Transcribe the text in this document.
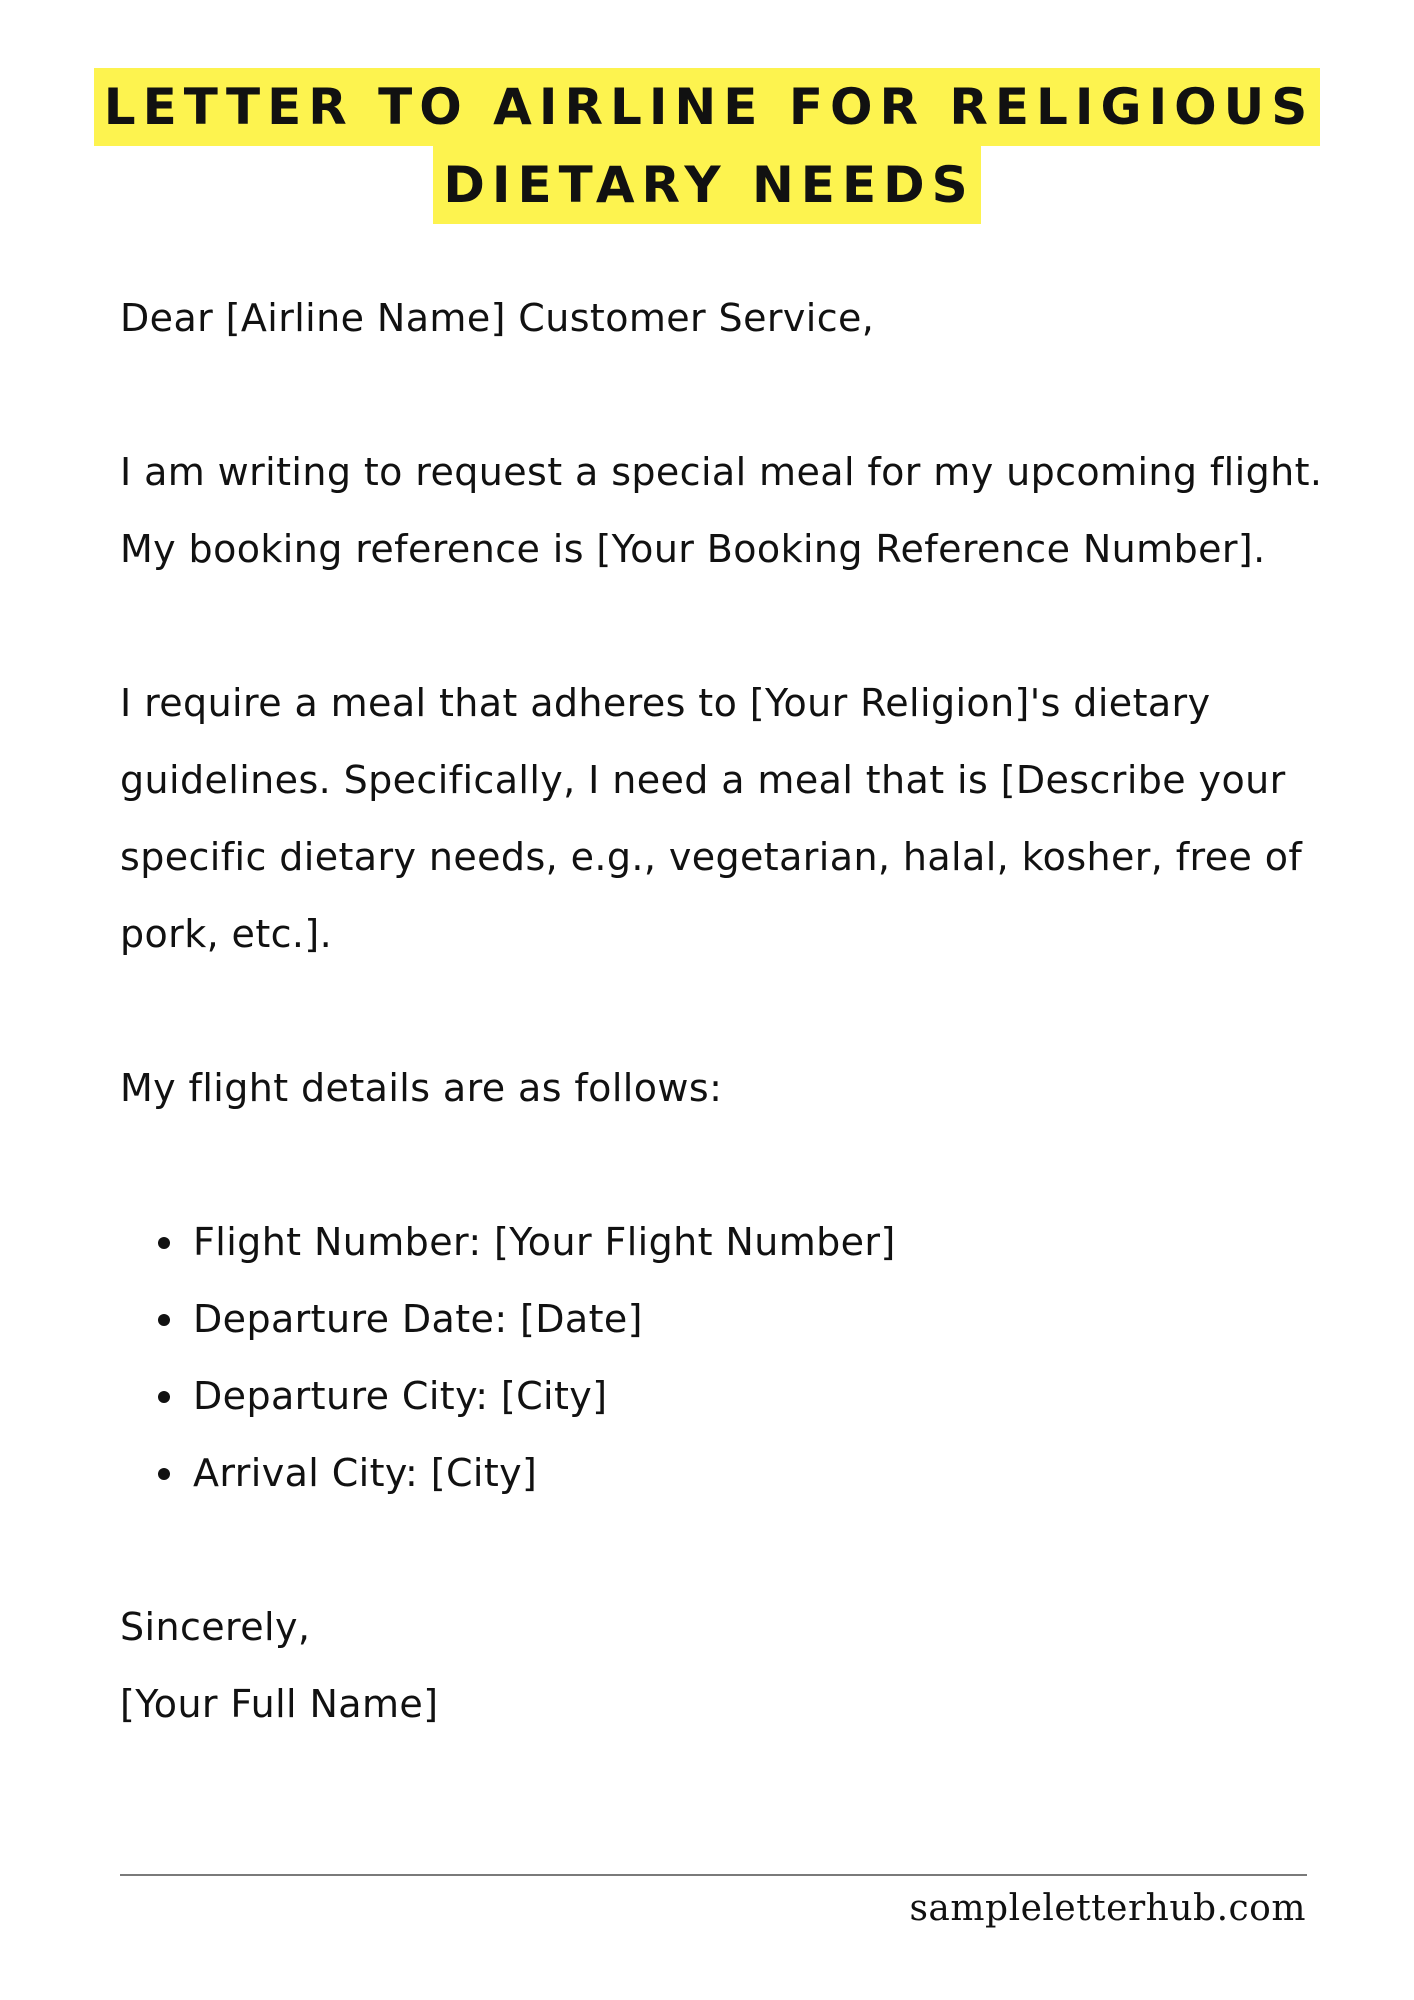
LETTER TO AIRLINE FOR RELIGIOUS
DIETARY NEEDS

Dear [Airline Name] Customer Service,

I am writing to request a special meal for my upcoming flight. My booking reference is [Your Booking Reference Number].

I require a meal that adheres to [Your Religion]'s dietary guidelines. Specifically, I need a meal that is [Describe your specific dietary needs, e.g., vegetarian, halal, kosher, free of pork, etc.].

My flight details are as follows:

Flight Number: [Your Flight Number]
Departure Date: [Date]
Departure City: [City]
Arrival City: [City]

Sincerely,

[Your Full Name]

sampleletterhub.com
